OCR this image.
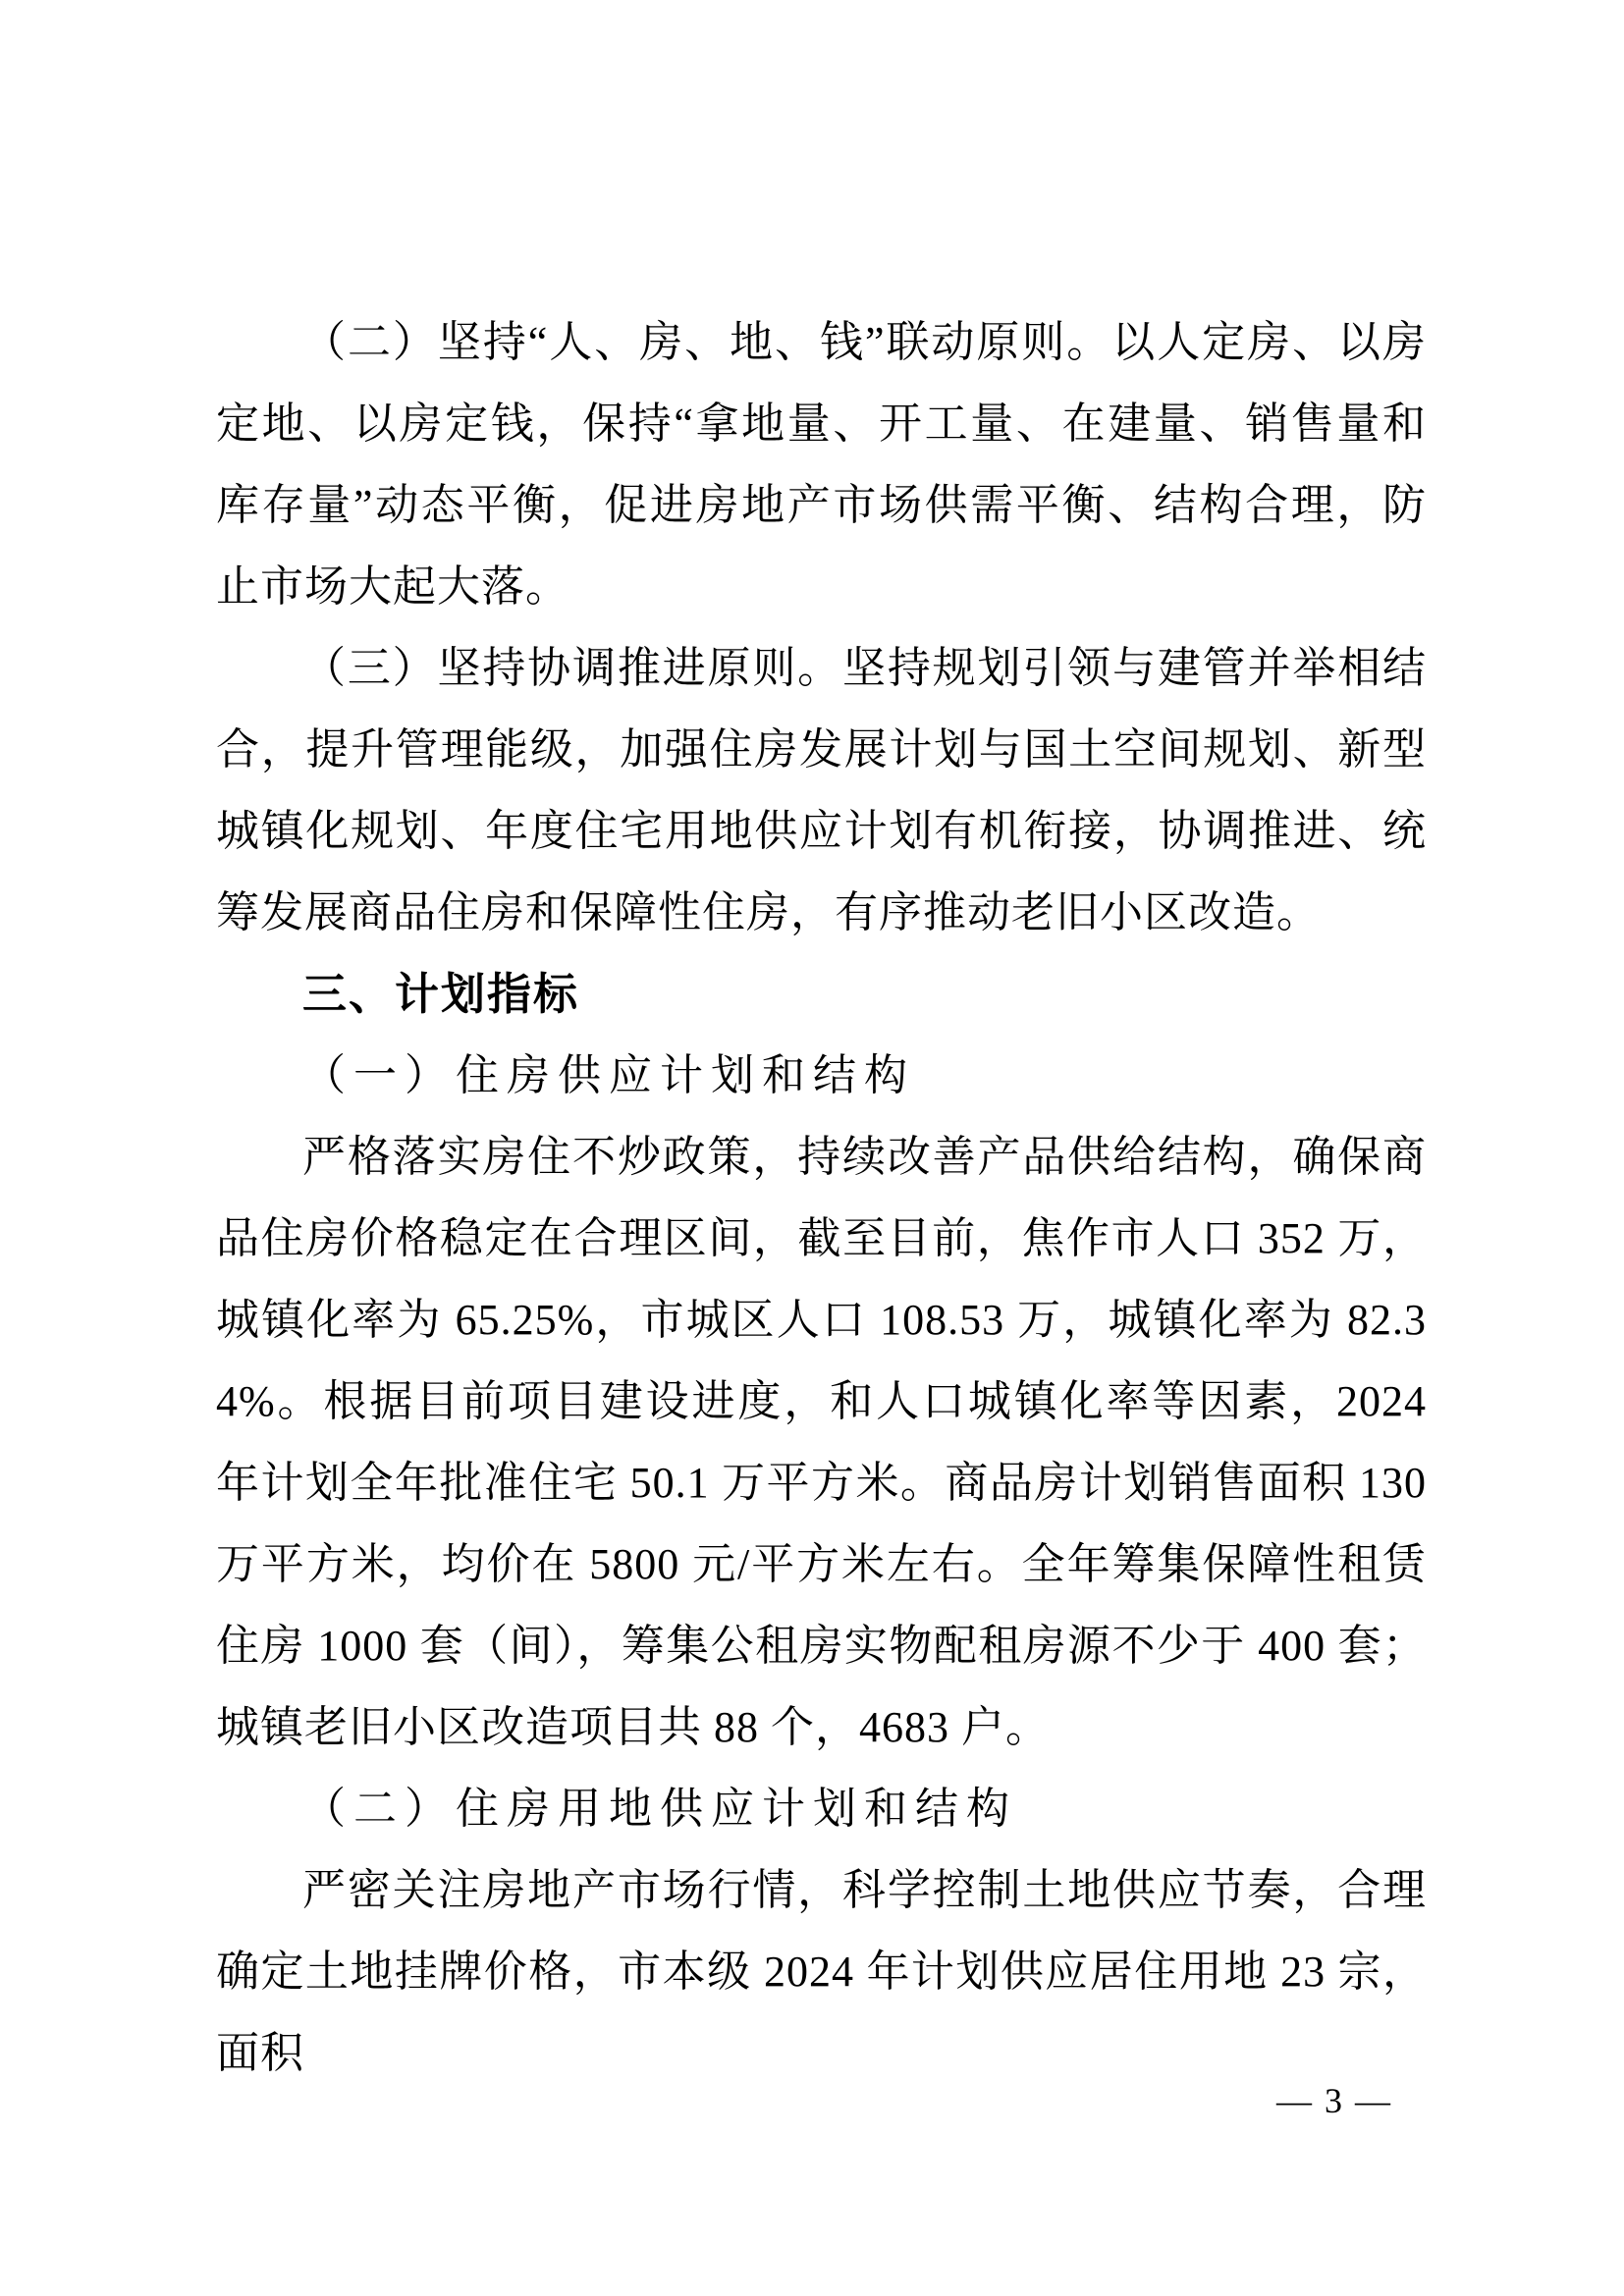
（二）坚持“人、房、地、钱”联动原则。以人定房、以房定地、以房定钱，保持“拿地量、开工量、在建量、销售量和库存量”动态平衡，促进房地产市场供需平衡、结构合理，防止市场大起大落。

（三）坚持协调推进原则。坚持规划引领与建管并举相结合，提升管理能级，加强住房发展计划与国土空间规划、新型城镇化规划、年度住宅用地供应计划有机衔接，协调推进、统筹发展商品住房和保障性住房，有序推动老旧小区改造。

三、计划指标
（一）住房供应计划和结构

严格落实房住不炒政策，持续改善产品供给结构，确保商品住房价格稳定在合理区间，截至目前，焦作市人口 352 万，城镇化率为 65.25%，市城区人口 108.53 万，城镇化率为 82.34%。根据目前项目建设进度，和人口城镇化率等因素，2024 年计划全年批准住宅 50.1 万平方米。商品房计划销售面积 130 万平方米，均价在 5800 元/平方米左右。全年筹集保障性租赁住房 1000 套（间），筹集公租房实物配租房源不少于 400 套；城镇老旧小区改造项目共 88 个，4683 户。

（二）住房用地供应计划和结构

严密关注房地产市场行情，科学控制土地供应节奏，合理确定土地挂牌价格，市本级 2024 年计划供应居住用地 23 宗，面积

— 3 —
